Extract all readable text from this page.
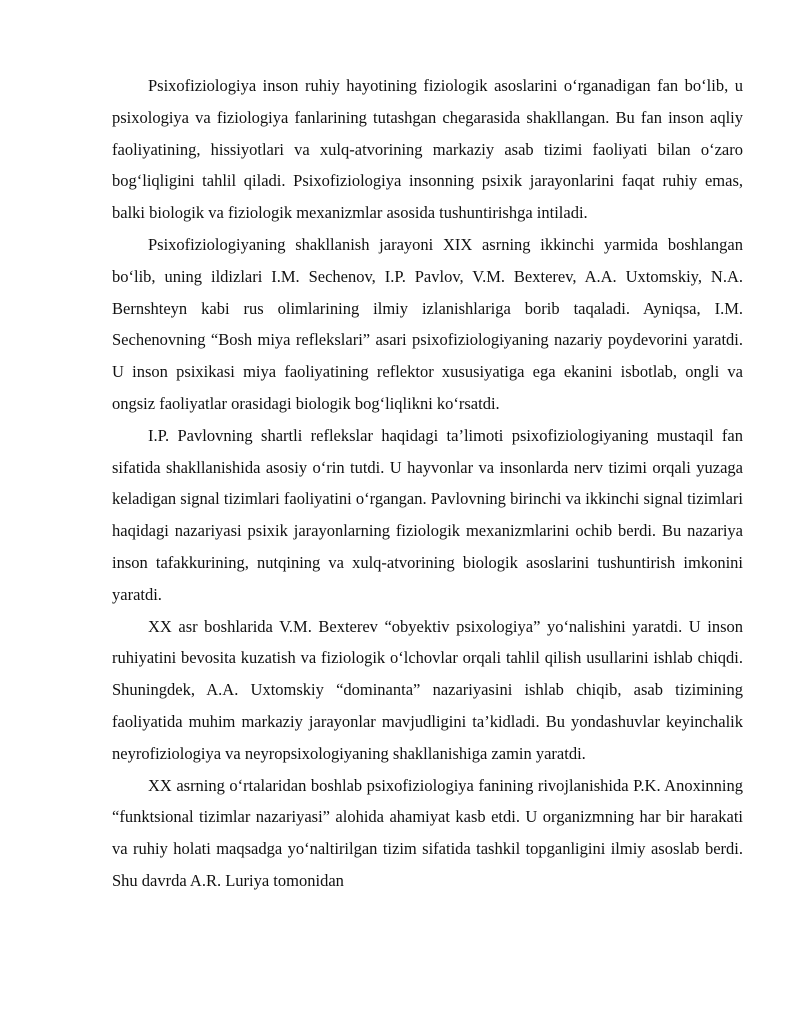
Psixofiziologiya inson ruhiy hayotining fiziologik asoslarini o‘rganadigan fan bo‘lib, u psixologiya va fiziologiya fanlarining tutashgan chegarasida shakllangan. Bu fan inson aqliy faoliyatining, hissiyotlari va xulq-atvorining markaziy asab tizimi faoliyati bilan o‘zaro bog‘liqligini tahlil qiladi. Psixofiziologiya insonning psixik jarayonlarini faqat ruhiy emas, balki biologik va fiziologik mexanizmlar asosida tushuntirishga intiladi.

Psixofiziologiyaning shakllanish jarayoni XIX asrning ikkinchi yarmida boshlangan bo‘lib, uning ildizlari I.M. Sechenov, I.P. Pavlov, V.M. Bexterev, A.A. Uxtomskiy, N.A. Bernshteyn kabi rus olimlarining ilmiy izlanishlariga borib taqaladi. Ayniqsa, I.M. Sechenovning “Bosh miya reflekslari” asari psixofiziologiyaning nazariy poydevorini yaratdi. U inson psixikasi miya faoliyatining reflektor xususiyatiga ega ekanini isbotlab, ongli va ongsiz faoliyatlar orasidagi biologik bog‘liqlikni ko‘rsatdi.

I.P. Pavlovning shartli reflekslar haqidagi ta’limoti psixofiziologiyaning mustaqil fan sifatida shakllanishida asosiy o‘rin tutdi. U hayvonlar va insonlarda nerv tizimi orqali yuzaga keladigan signal tizimlari faoliyatini o‘rgangan. Pavlovning birinchi va ikkinchi signal tizimlari haqidagi nazariyasi psixik jarayonlarning fiziologik mexanizmlarini ochib berdi. Bu nazariya inson tafakkurining, nutqining va xulq-atvorining biologik asoslarini tushuntirish imkonini yaratdi.

XX asr boshlarida V.M. Bexterev “obyektiv psixologiya” yo‘nalishini yaratdi. U inson ruhiyatini bevosita kuzatish va fiziologik o‘lchovlar orqali tahlil qilish usullarini ishlab chiqdi. Shuningdek, A.A. Uxtomskiy “dominanta” nazariyasini ishlab chiqib, asab tizimining faoliyatida muhim markaziy jarayonlar mavjudligini ta’kidladi. Bu yondashuvlar keyinchalik neyrofiziologiya va neyropsixologiyaning shakllanishiga zamin yaratdi.

XX asrning o‘rtalaridan boshlab psixofiziologiya fanining rivojlanishida P.K. Anoxinning “funktsional tizimlar nazariyasi” alohida ahamiyat kasb etdi. U organizmning har bir harakati va ruhiy holati maqsadga yo‘naltirilgan tizim sifatida tashkil topganligini ilmiy asoslab berdi. Shu davrda A.R. Luriya tomonidan
